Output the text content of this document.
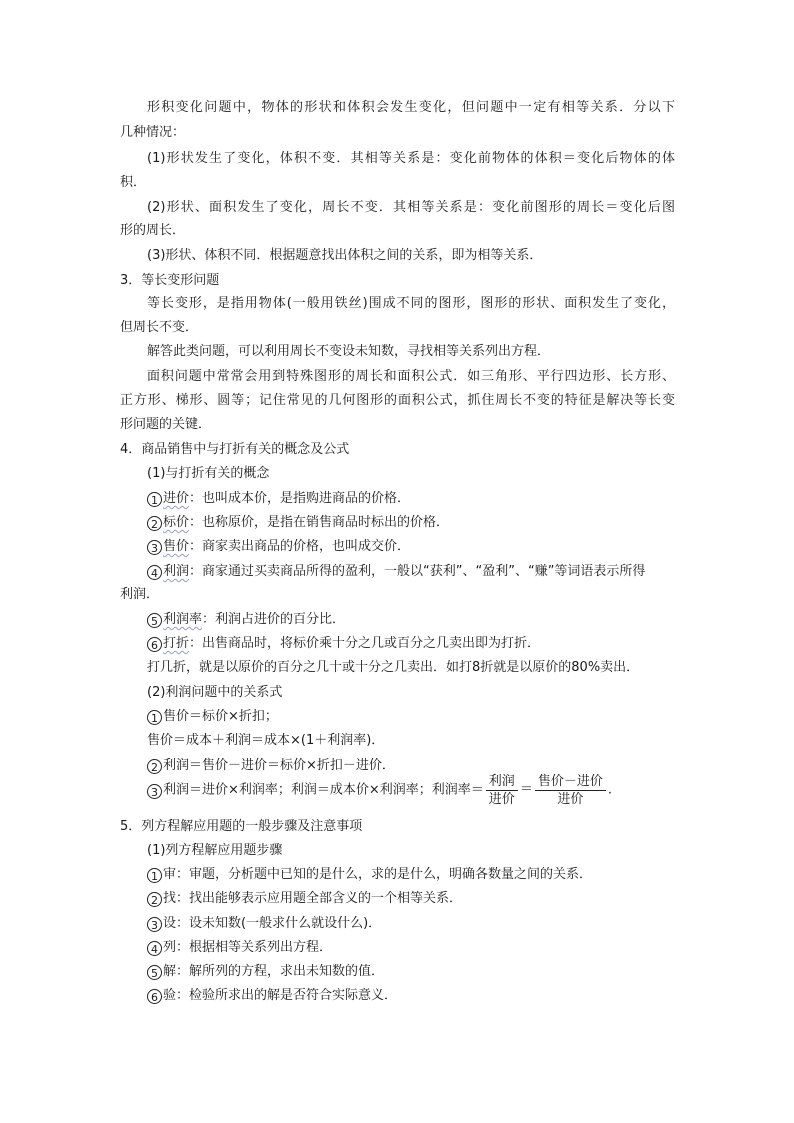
形积变化问题中，物体的形状和体积会发生变化，但问题中一定有相等关系．分以下
几种情况：
(1)形状发生了变化，体积不变．其相等关系是：变化前物体的体积＝变化后物体的体
积．
(2)形状、面积发生了变化，周长不变．其相等关系是：变化前图形的周长＝变化后图
形的周长．
(3)形状、体积不同．根据题意找出体积之间的关系，即为相等关系．
3．等长变形问题
等长变形，是指用物体(一般用铁丝)围成不同的图形，图形的形状、面积发生了变化，
但周长不变．
解答此类问题，可以利用周长不变设未知数，寻找相等关系列出方程．
面积问题中常常会用到特殊图形的周长和面积公式．如三角形、平行四边形、长方形、
正方形、梯形、圆等；记住常见的几何图形的面积公式，抓住周长不变的特征是解决等长变
形问题的关键．
4．商品销售中与打折有关的概念及公式
(1)与打折有关的概念
1 进价：也叫成本价，是指购进商品的价格．
2 标价：也称原价，是指在销售商品时标出的价格．
3 售价：商家卖出商品的价格，也叫成交价．
4 利润：商家通过买卖商品所得的盈利，一般以“获利”、“盈利”、“赚”等词语表示所得
利润．
5 利润率：利润占进价的百分比．
6 打折：出售商品时，将标价乘十分之几或百分之几卖出即为打折．
打几折，就是以原价的百分之几十或十分之几卖出．如打8折就是以原价的80%卖出．
(2)利润问题中的关系式
1 售价＝标价×折扣；
售价＝成本＋利润＝成本×(1＋利润率)．
2 利润＝售价－进价＝标价×折扣－进价．
3 利润＝进价×利润率；利润＝成本价×利润率；利润率＝ $\frac{\text{利润}}{\text{进价}} = \frac{\text{售价－进价}}{\text{进价}}$ .
5．列方程解应用题的一般步骤及注意事项
(1)列方程解应用题步骤
1 审：审题，分析题中已知的是什么，求的是什么，明确各数量之间的关系．
2 找：找出能够表示应用题全部含义的一个相等关系．
3 设：设未知数(一般求什么就设什么)．
4 列：根据相等关系列出方程．
5 解：解所列的方程，求出未知数的值．
6 验：检验所求出的解是否符合实际意义．
